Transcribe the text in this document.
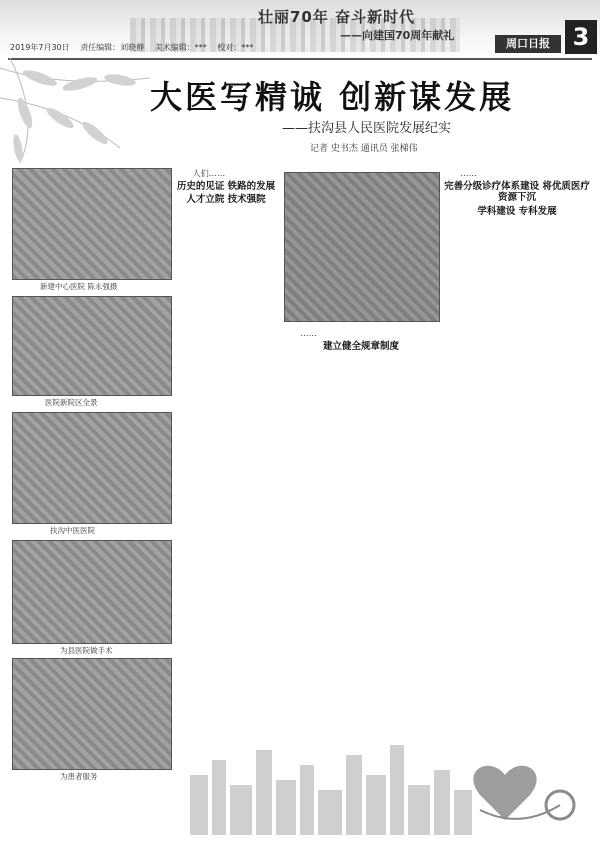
壮丽70年 奋斗新时代
——向建国70周年献礼
2019年7月30日 责任编辑：刘晓静 美术编辑：*** 校对：***	周口日报 3
大医写精诚 创新谋发展
——扶沟县人民医院发展纪实
记者 史书杰 通讯员 张梯伟
新建中心医院 陈永强摄
医院新院区全景
扶沟中医医院
为县医院做手术
为患者服务

人们……

历史的见证 铁路的发展

人才立院 技术强院

……

建立健全规章制度

……

完善分级诊疗体系建设 将优质医疗资源下沉

学科建设 专科发展
